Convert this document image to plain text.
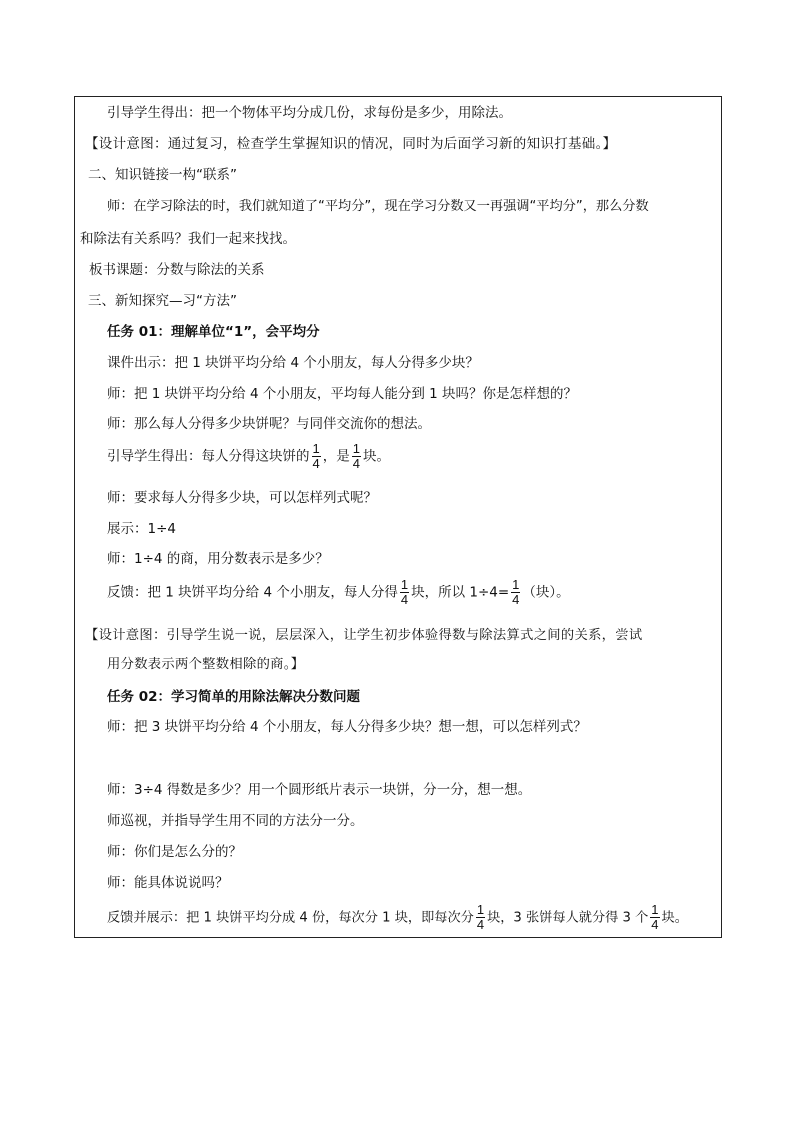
引导学生得出：把一个物体平均分成几份，求每份是多少，用除法。
【设计意图：通过复习，检查学生掌握知识的情况，同时为后面学习新的知识打基础。】
二、知识链接一构“联系”
师：在学习除法的时，我们就知道了“平均分”，现在学习分数又一再强调“平均分”，那么分数
和除法有关系吗？我们一起来找找。
板书课题：分数与除法的关系
三、新知探究—习“方法”
任务 01：理解单位“1”，会平均分
课件出示：把 1 块饼平均分给 4 个小朋友，每人分得多少块？
师：把 1 块饼平均分给 4 个小朋友，平均每人能分到 1 块吗？你是怎样想的？
师：那么每人分得多少块饼呢？与同伴交流你的想法。
引导学生得出：每人分得这块饼的 $\frac{1}{4}$ ，是 $\frac{1}{4}$ 块。
师：要求每人分得多少块，可以怎样列式呢？
展示：1÷4
师：1÷4 的商，用分数表示是多少？
反馈：把 1 块饼平均分给 4 个小朋友，每人分得 $\frac{1}{4}$ 块，所以 $1\div 4= \frac{1}{4}$ （块）。
【设计意图：引导学生说一说，层层深入，让学生初步体验得数与除法算式之间的关系，尝试
用分数表示两个整数相除的商。】
任务 02：学习简单的用除法解决分数问题
师：把 3 块饼平均分给 4 个小朋友，每人分得多少块？想一想，可以怎样列式？
师：3÷4 得数是多少？用一个圆形纸片表示一块饼，分一分，想一想。
师巡视，并指导学生用不同的方法分一分。
师：你们是怎么分的？
师：能具体说说吗？
反馈并展示：把 1 块饼平均分成 4 份，每次分 1 块，即每次分 $\frac{1}{4}$ 块，3 张饼每人就分得 3 个 $\frac{1}{4}$ 块。
